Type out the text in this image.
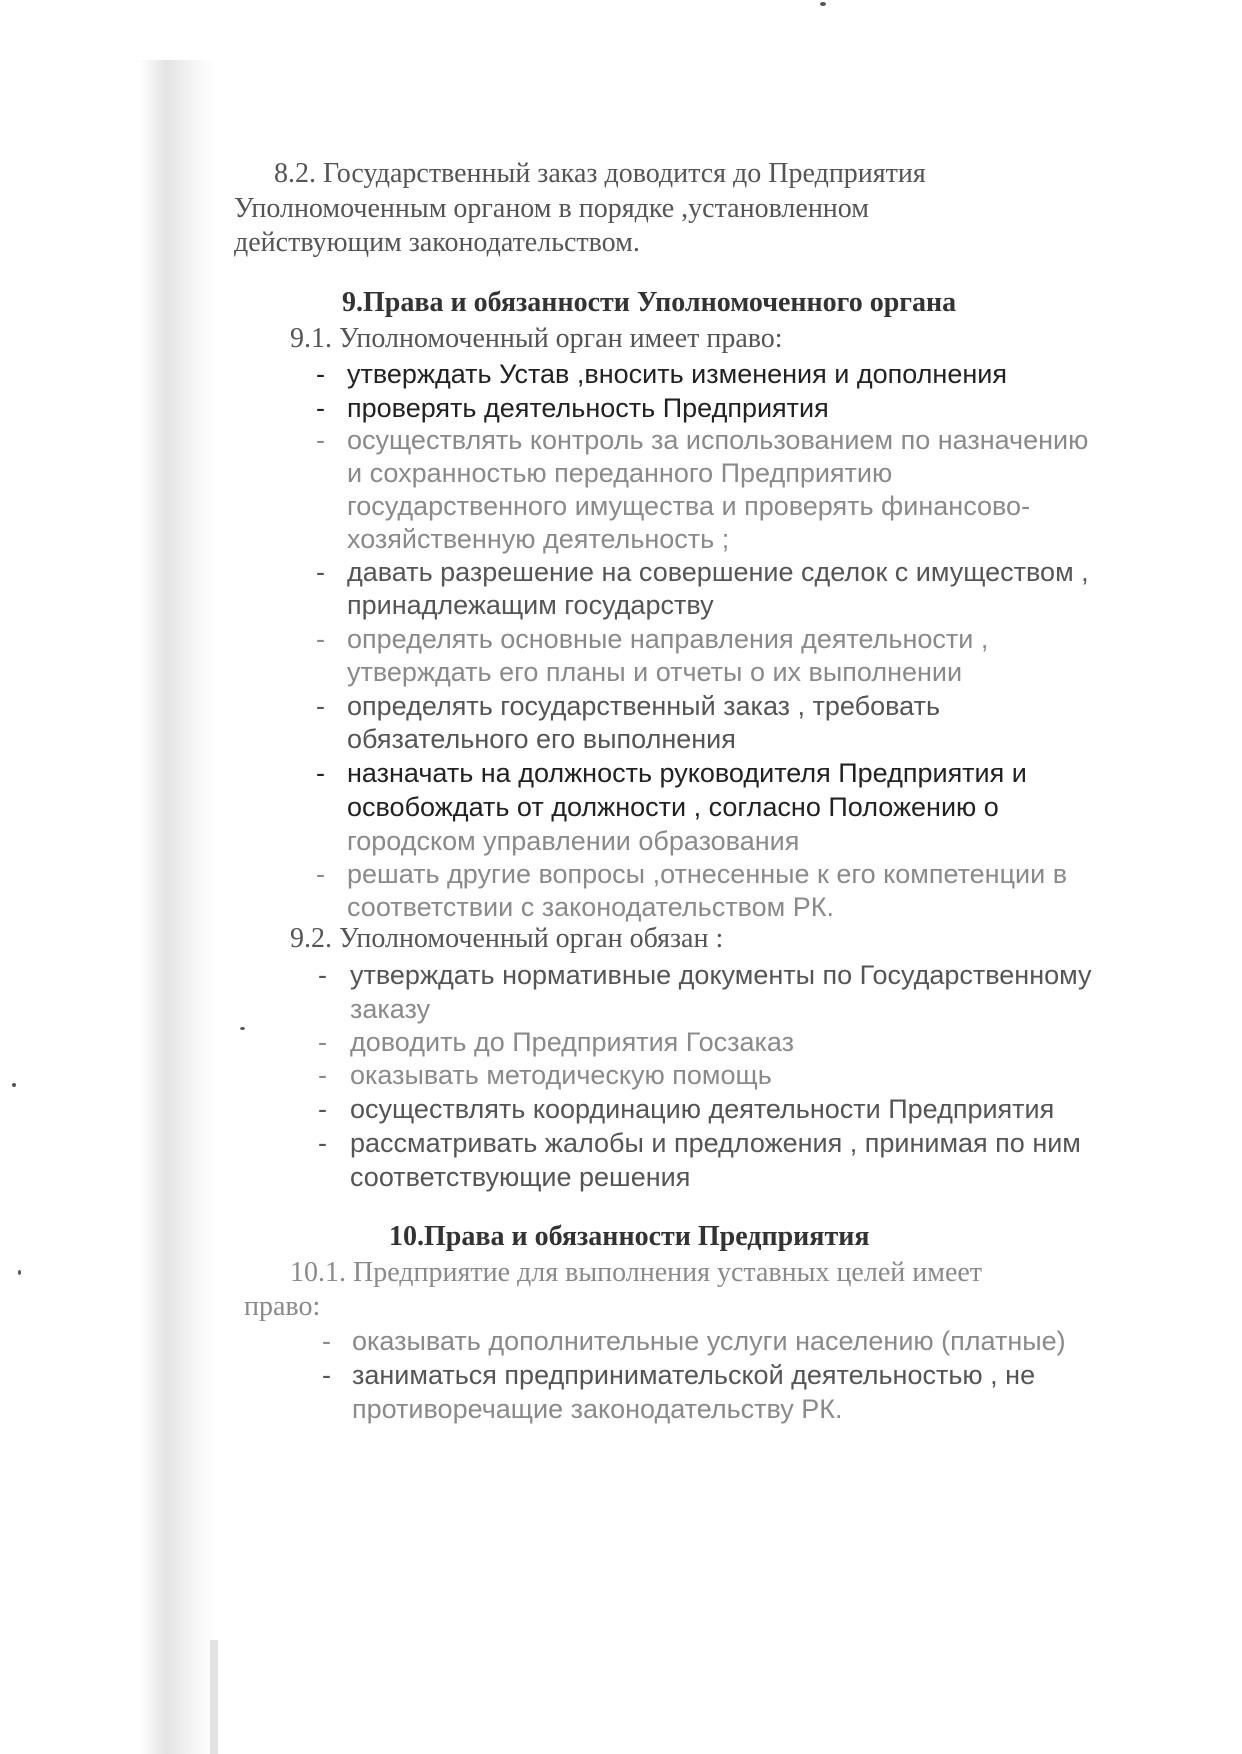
8.2. Государственный заказ доводится до Предприятия
Уполномоченным органом в порядке ,установленном
действующим законодательством.
9.Права и обязанности Уполномоченного органа
9.1. Уполномоченный орган имеет право:
- утверждать Устав ,вносить изменения и дополнения
- проверять деятельность Предприятия
- осуществлять контроль за использованием по назначению
и сохранностью переданного Предприятию
государственного имущества и проверять финансово-
хозяйственную деятельность ;
- давать разрешение на совершение сделок с имуществом ,
принадлежащим государству
- определять основные направления деятельности ,
утверждать его планы и отчеты о их выполнении
- определять государственный заказ , требовать
обязательного его выполнения
- назначать на должность руководителя Предприятия и
освобождать от должности , согласно Положению о
городском управлении образования
- решать другие вопросы ,отнесенные к его компетенции в
соответствии с законодательством РК.
9.2. Уполномоченный орган обязан :
- утверждать нормативные документы по Государственному
заказу
- доводить до Предприятия Госзаказ
- оказывать методическую помощь
- осуществлять координацию деятельности Предприятия
- рассматривать жалобы и предложения , принимая по ним
соответствующие решения
10.Права и обязанности Предприятия
10.1. Предприятие для выполнения уставных целей имеет
право:
- оказывать дополнительные услуги населению (платные)
- заниматься предпринимательской деятельностью , не
противоречащие законодательству РК.
